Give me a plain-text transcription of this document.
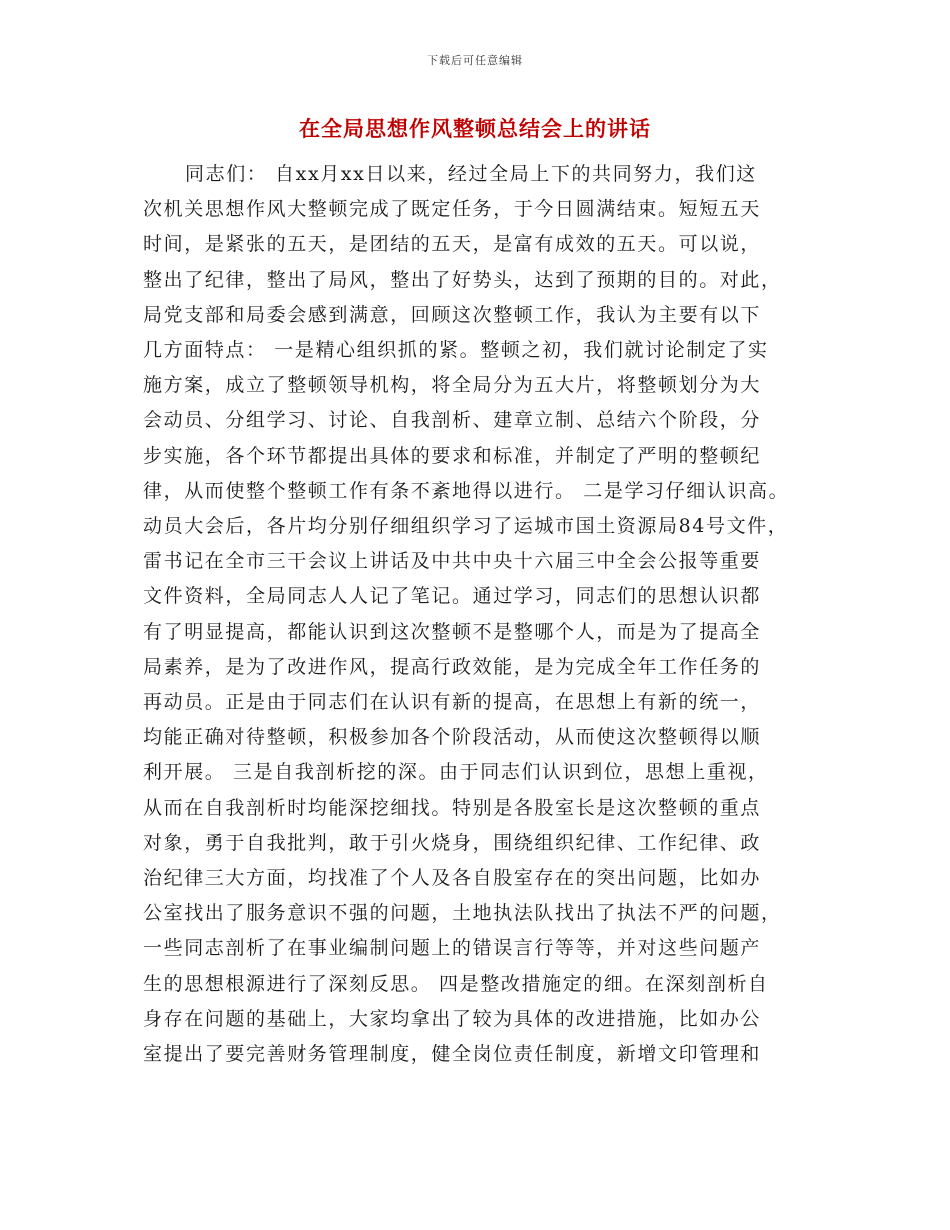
下载后可任意编辑
在全局思想作风整顿总结会上的讲话
同志们： 自xx月xx日以来，经过全局上下的共同努力，我们这
次机关思想作风大整顿完成了既定任务，于今日圆满结束。短短五天
时间，是紧张的五天，是团结的五天，是富有成效的五天。可以说，
整出了纪律，整出了局风，整出了好势头，达到了预期的目的。对此，
局党支部和局委会感到满意，回顾这次整顿工作，我认为主要有以下
几方面特点： 一是精心组织抓的紧。整顿之初，我们就讨论制定了实
施方案，成立了整顿领导机构，将全局分为五大片，将整顿划分为大
会动员、分组学习、讨论、自我剖析、建章立制、总结六个阶段，分
步实施，各个环节都提出具体的要求和标准，并制定了严明的整顿纪
律，从而使整个整顿工作有条不紊地得以进行。 二是学习仔细认识高。
动员大会后，各片均分别仔细组织学习了运城市国土资源局84号文件，
雷书记在全市三干会议上讲话及中共中央十六届三中全会公报等重要
文件资料，全局同志人人记了笔记。通过学习，同志们的思想认识都
有了明显提高，都能认识到这次整顿不是整哪个人，而是为了提高全
局素养，是为了改进作风，提高行政效能，是为完成全年工作任务的
再动员。正是由于同志们在认识有新的提高，在思想上有新的统一，
均能正确对待整顿，积极参加各个阶段活动，从而使这次整顿得以顺
利开展。 三是自我剖析挖的深。由于同志们认识到位，思想上重视，
从而在自我剖析时均能深挖细找。特别是各股室长是这次整顿的重点
对象，勇于自我批判，敢于引火烧身，围绕组织纪律、工作纪律、政
治纪律三大方面，均找准了个人及各自股室存在的突出问题，比如办
公室找出了服务意识不强的问题，土地执法队找出了执法不严的问题，
一些同志剖析了在事业编制问题上的错误言行等等，并对这些问题产
生的思想根源进行了深刻反思。 四是整改措施定的细。在深刻剖析自
身存在问题的基础上，大家均拿出了较为具体的改进措施，比如办公
室提出了要完善财务管理制度，健全岗位责任制度，新增文印管理和
